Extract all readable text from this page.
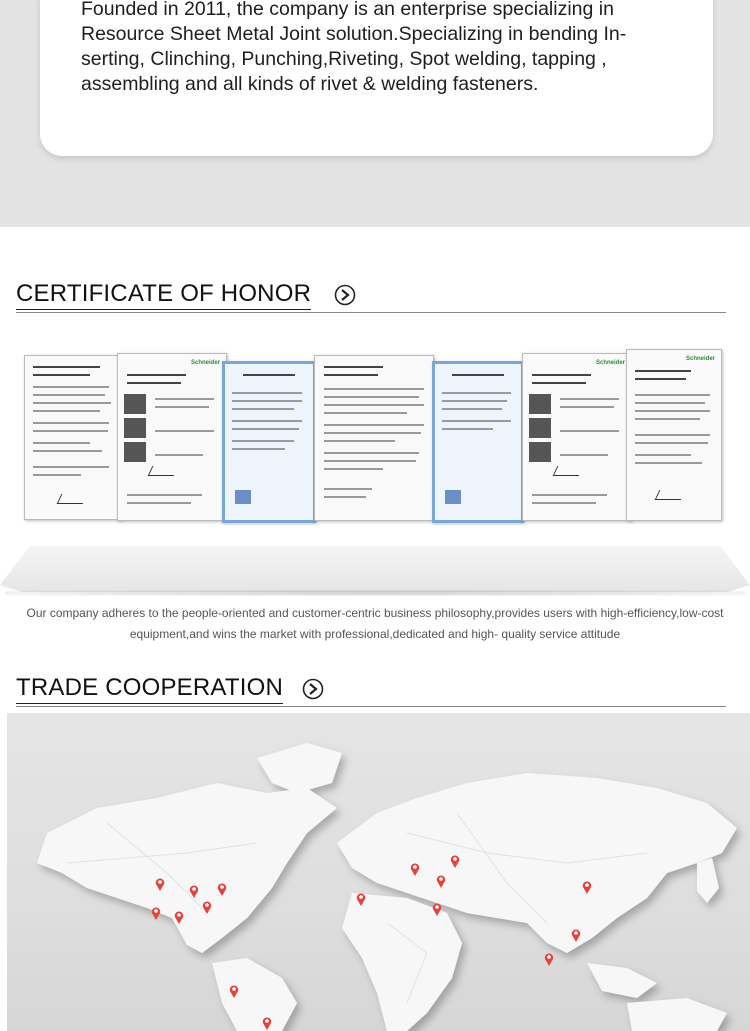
Founded in 2011, the company is an enterprise specializing in
Resource Sheet Metal Joint solution.Specializing in bending In-
serting, Clinching, Punching,Riveting, Spot welding, tapping ,
assembling and all kinds of rivet & welding fasteners.
CERTIFICATE OF HONOR
Schneider	Schneider
Schneider
Our company adheres to the people-oriented and customer-centric business philosophy,provides users with high-efficiency,low-cost
equipment,and wins the market with professional,dedicated and high- quality service attitude
TRADE COOPERATION
